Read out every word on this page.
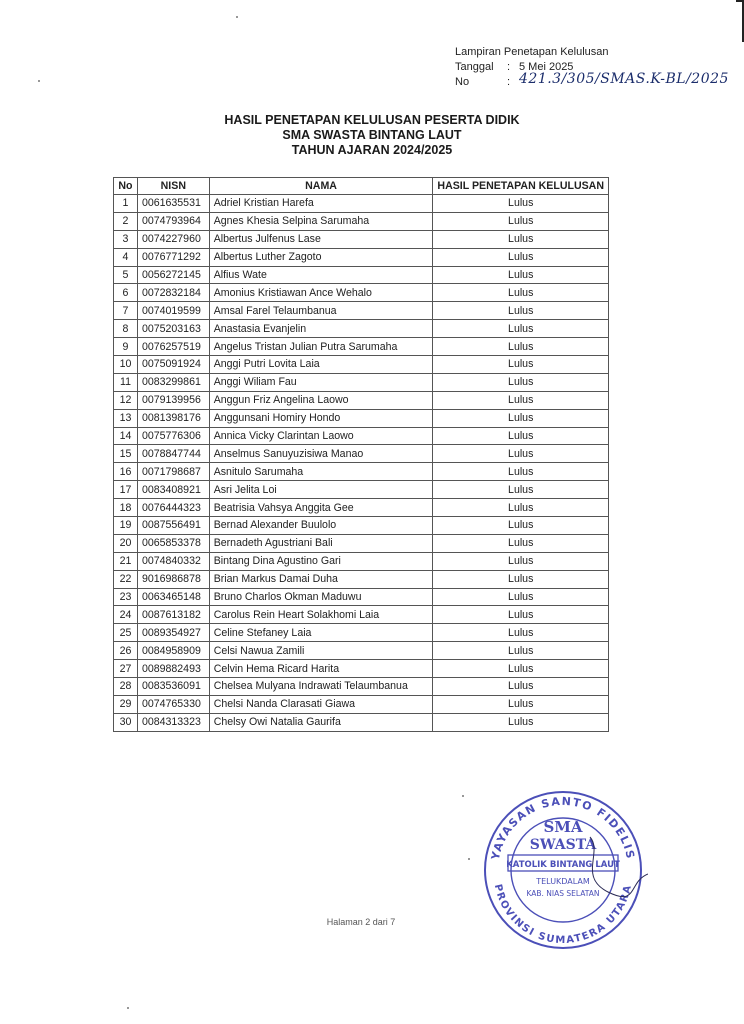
Lampiran Penetapan Kelulusan
Tanggal	: 5 Mei 2025
No	: 421.3/305/SMAS.K-BL/2025
HASIL PENETAPAN KELULUSAN PESERTA DIDIK
SMA SWASTA BINTANG LAUT
TAHUN AJARAN 2024/2025
No	NISN	NAMA	HASIL PENETAPAN KELULUSAN
1	0061635531	Adriel Kristian Harefa	Lulus
2	0074793964	Agnes Khesia Selpina Sarumaha	Lulus
3	0074227960	Albertus Julfenus Lase	Lulus
4	0076771292	Albertus Luther Zagoto	Lulus
5	0056272145	Alfius Wate	Lulus
6	0072832184	Amonius Kristiawan Ance Wehalo	Lulus
7	0074019599	Amsal Farel Telaumbanua	Lulus
8	0075203163	Anastasia Evanjelin	Lulus
9	0076257519	Angelus Tristan Julian Putra Sarumaha	Lulus
10	0075091924	Anggi Putri Lovita Laia	Lulus
11	0083299861	Anggi Wiliam Fau	Lulus
12	0079139956	Anggun Friz Angelina Laowo	Lulus
13	0081398176	Anggunsani Homiry Hondo	Lulus
14	0075776306	Annica Vicky Clarintan Laowo	Lulus
15	0078847744	Anselmus Sanuyuzisiwa Manao	Lulus
16	0071798687	Asnitulo Sarumaha	Lulus
17	0083408921	Asri Jelita Loi	Lulus
18	0076444323	Beatrisia Vahsya Anggita Gee	Lulus
19	0087556491	Bernad Alexander Buulolo	Lulus
20	0065853378	Bernadeth Agustriani Bali	Lulus
21	0074840332	Bintang Dina Agustino Gari	Lulus
22	9016986878	Brian Markus Damai Duha	Lulus
23	0063465148	Bruno Charlos Okman Maduwu	Lulus
24	0087613182	Carolus Rein Heart Solakhomi Laia	Lulus
25	0089354927	Celine Stefaney Laia	Lulus
26	0084958909	Celsi Nawua Zamili	Lulus
27	0089882493	Celvin Hema Ricard Harita	Lulus
28	0083536091	Chelsea Mulyana Indrawati Telaumbanua	Lulus
29	0074765330	Chelsi Nanda Clarasati Giawa	Lulus
30	0084313323	Chelsy Owi Natalia Gaurifa	Lulus
YAYASAN SANTO FIDELIS
PROVINSI SUMATERA UTARA
SMA
SWASTA
KATOLIK BINTANG LAUT
TELUKDALAM
KAB. NIAS SELATAN
Halaman 2 dari 7
